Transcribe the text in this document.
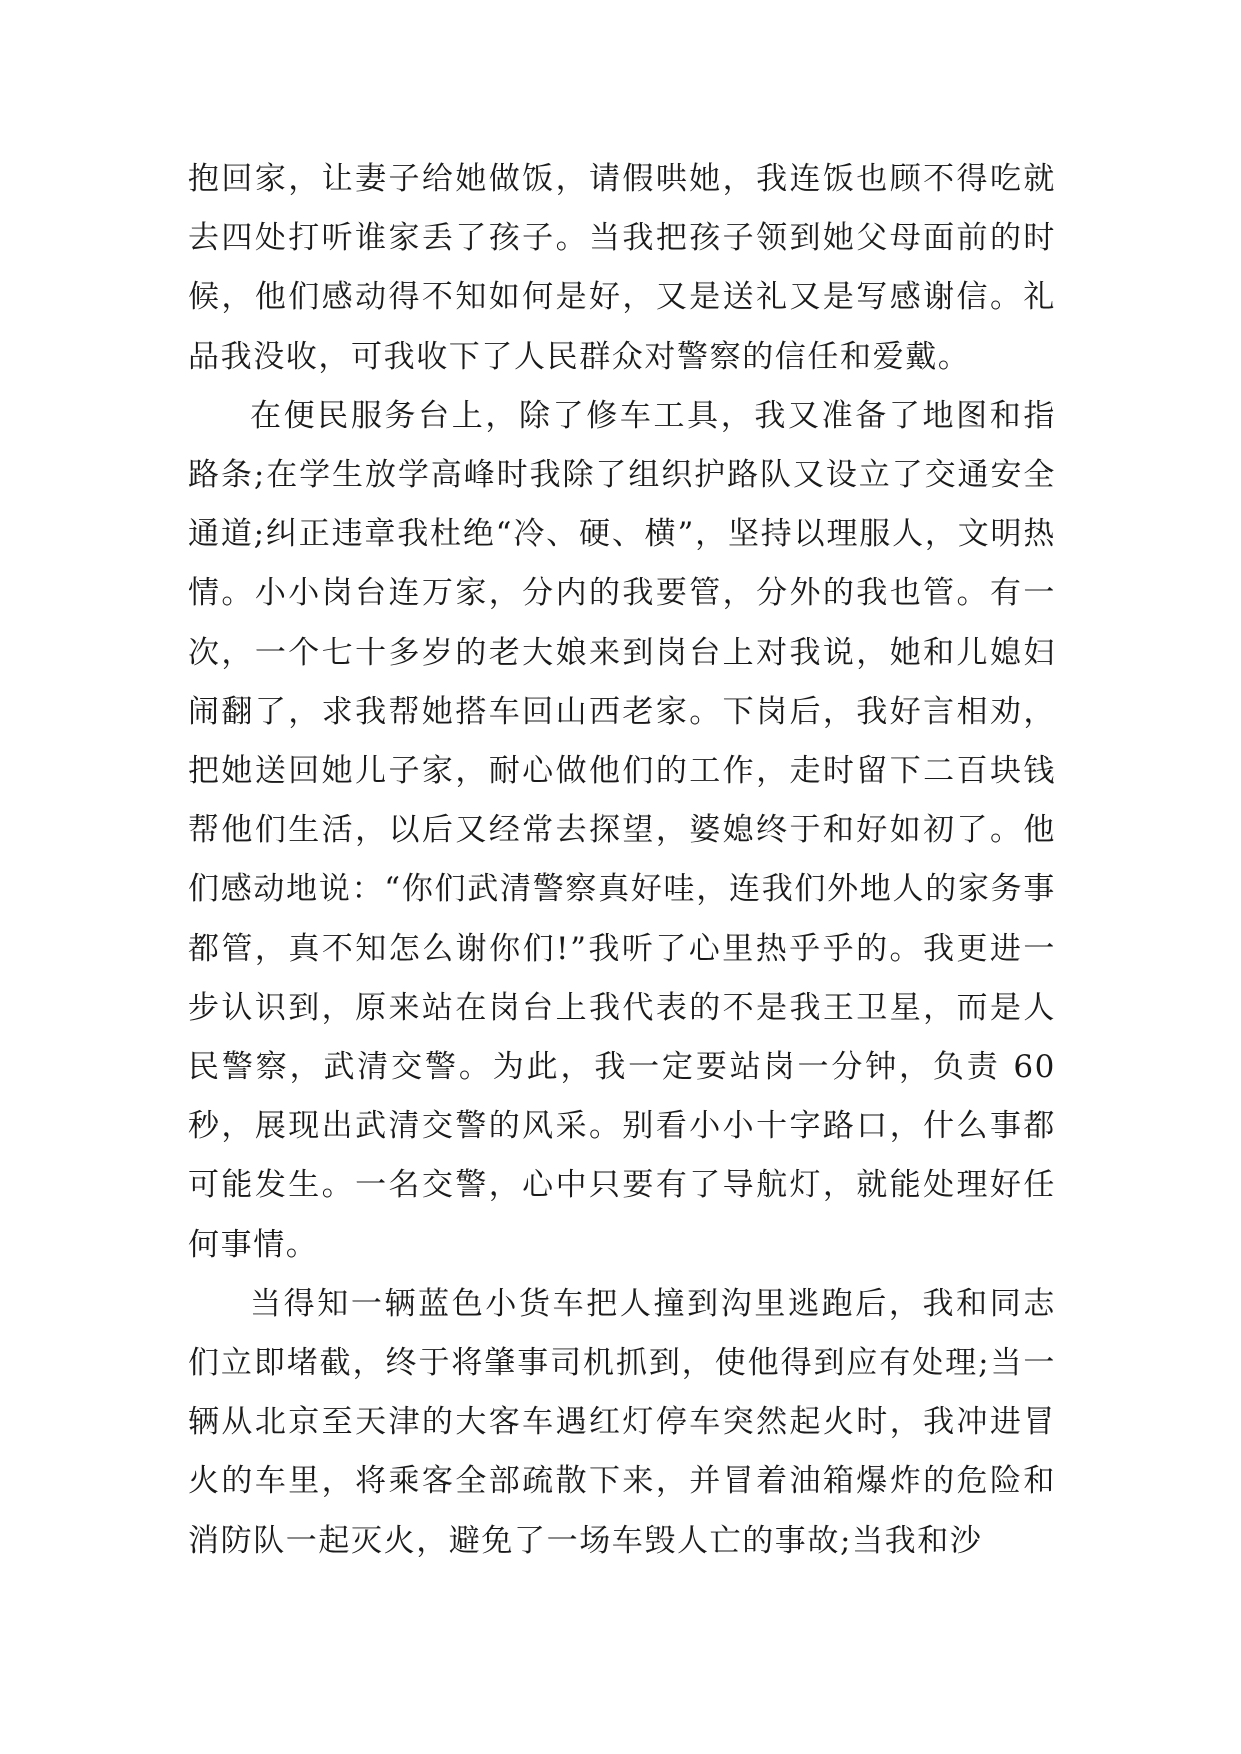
抱回家，让妻子给她做饭，请假哄她，我连饭也顾不得吃就去四处打听谁家丢了孩子。当我把孩子领到她父母面前的时候，他们感动得不知如何是好，又是送礼又是写感谢信。礼品我没收，可我收下了人民群众对警察的信任和爱戴。

在便民服务台上，除了修车工具，我又准备了地图和指路条;在学生放学高峰时我除了组织护路队又设立了交通安全通道;纠正违章我杜绝“冷、硬、横”，坚持以理服人，文明热情。小小岗台连万家，分内的我要管，分外的我也管。有一次，一个七十多岁的老大娘来到岗台上对我说，她和儿媳妇闹翻了，求我帮她搭车回山西老家。下岗后，我好言相劝，把她送回她儿子家，耐心做他们的工作，走时留下二百块钱帮他们生活，以后又经常去探望，婆媳终于和好如初了。他们感动地说：“你们武清警察真好哇，连我们外地人的家务事都管，真不知怎么谢你们!”我听了心里热乎乎的。我更进一步认识到，原来站在岗台上我代表的不是我王卫星，而是人民警察，武清交警。为此，我一定要站岗一分钟，负责 60 秒，展现出武清交警的风采。别看小小十字路口，什么事都可能发生。一名交警，心中只要有了导航灯，就能处理好任何事情。

当得知一辆蓝色小货车把人撞到沟里逃跑后，我和同志们立即堵截，终于将肇事司机抓到，使他得到应有处理;当一辆从北京至天津的大客车遇红灯停车突然起火时，我冲进冒火的车里，将乘客全部疏散下来，并冒着油箱爆炸的危险和消防队一起灭火，避免了一场车毁人亡的事故;当我和沙
